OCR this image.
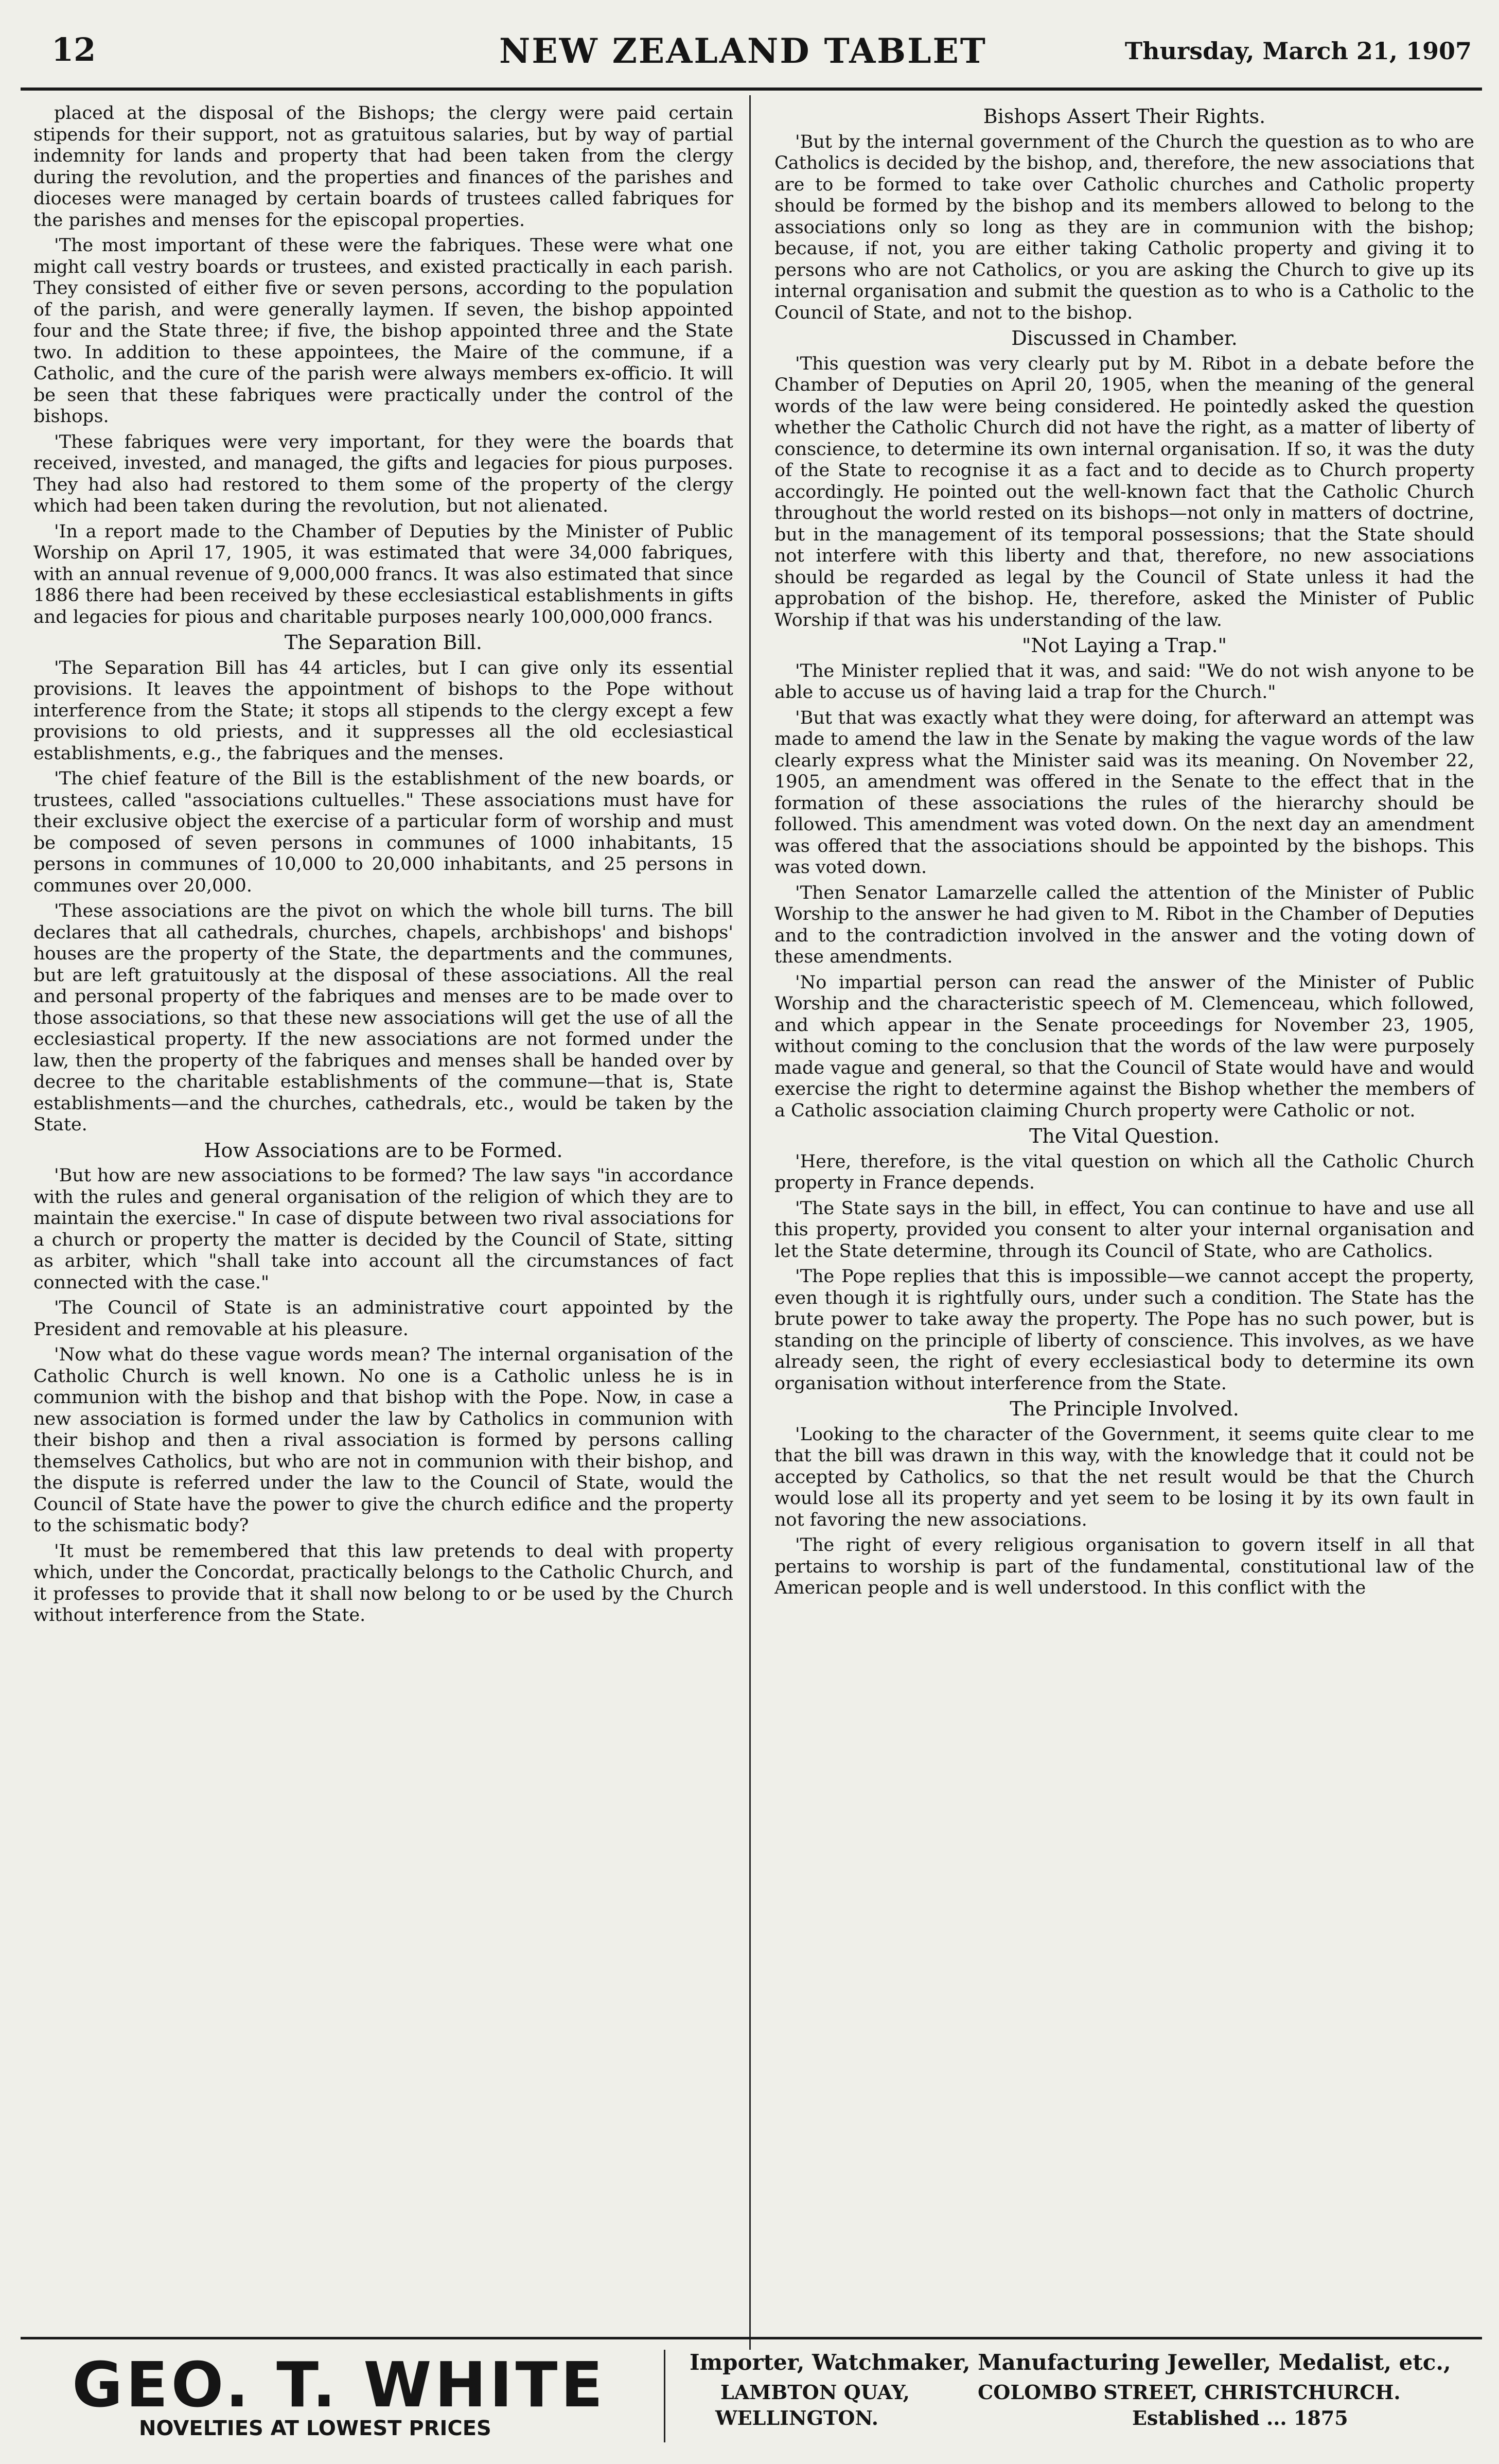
12	NEW ZEALAND TABLET	Thursday, March 21, 1907

placed at the disposal of the Bishops; the clergy were paid certain stipends for their support, not as gratuitous salaries, but by way of partial indemnity for lands and property that had been taken from the clergy during the revolution, and the properties and finances of the parishes and dioceses were managed by certain boards of trustees called fabriques for the parishes and menses for the episcopal properties.

'The most important of these were the fabriques. These were what one might call vestry boards or trustees, and existed practically in each parish. They consisted of either five or seven persons, according to the population of the parish, and were generally laymen. If seven, the bishop appointed four and the State three; if five, the bishop appointed three and the State two. In addition to these appointees, the Maire of the commune, if a Catholic, and the cure of the parish were always members ex-officio. It will be seen that these fabriques were practically under the control of the bishops.

'These fabriques were very important, for they were the boards that received, invested, and managed, the gifts and legacies for pious purposes. They had also had restored to them some of the property of the clergy which had been taken during the revolution, but not alienated.

'In a report made to the Chamber of Deputies by the Minister of Public Worship on April 17, 1905, it was estimated that were 34,000 fabriques, with an annual revenue of 9,000,000 francs. It was also estimated that since 1886 there had been received by these ecclesiastical establishments in gifts and legacies for pious and charitable purposes nearly 100,000,000 francs.

The Separation Bill.

'The Separation Bill has 44 articles, but I can give only its essential provisions. It leaves the appointment of bishops to the Pope without interference from the State; it stops all stipends to the clergy except a few provisions to old priests, and it suppresses all the old ecclesiastical establishments, e.g., the fabriques and the menses.

'The chief feature of the Bill is the establishment of the new boards, or trustees, called "associations cultuelles." These associations must have for their exclusive object the exercise of a particular form of worship and must be composed of seven persons in communes of 1000 inhabitants, 15 persons in communes of 10,000 to 20,000 inhabitants, and 25 persons in communes over 20,000.

'These associations are the pivot on which the whole bill turns. The bill declares that all cathedrals, churches, chapels, archbishops' and bishops' houses are the property of the State, the departments and the communes, but are left gratuitously at the disposal of these associations. All the real and personal property of the fabriques and menses are to be made over to those associations, so that these new associations will get the use of all the ecclesiastical property. If the new associations are not formed under the law, then the property of the fabriques and menses shall be handed over by decree to the charitable establishments of the commune—that is, State establishments—and the churches, cathedrals, etc., would be taken by the State.

How Associations are to be Formed.

'But how are new associations to be formed? The law says "in accordance with the rules and general organisation of the religion of which they are to maintain the exercise." In case of dispute between two rival associations for a church or property the matter is decided by the Council of State, sitting as arbiter, which "shall take into account all the circumstances of fact connected with the case."

'The Council of State is an administrative court appointed by the President and removable at his pleasure.

'Now what do these vague words mean? The internal organisation of the Catholic Church is well known. No one is a Catholic unless he is in communion with the bishop and that bishop with the Pope. Now, in case a new association is formed under the law by Catholics in communion with their bishop and then a rival association is formed by persons calling themselves Catholics, but who are not in communion with their bishop, and the dispute is referred under the law to the Council of State, would the Council of State have the power to give the church edifice and the property to the schismatic body?

'It must be remembered that this law pretends to deal with property which, under the Concordat, practically belongs to the Catholic Church, and it professes to provide that it shall now belong to or be used by the Church without interference from the State.

Bishops Assert Their Rights.

'But by the internal government of the Church the question as to who are Catholics is decided by the bishop, and, therefore, the new associations that are to be formed to take over Catholic churches and Catholic property should be formed by the bishop and its members allowed to belong to the associations only so long as they are in communion with the bishop; because, if not, you are either taking Catholic property and giving it to persons who are not Catholics, or you are asking the Church to give up its internal organisation and submit the question as to who is a Catholic to the Council of State, and not to the bishop.

Discussed in Chamber.

'This question was very clearly put by M. Ribot in a debate before the Chamber of Deputies on April 20, 1905, when the meaning of the general words of the law were being considered. He pointedly asked the question whether the Catholic Church did not have the right, as a matter of liberty of conscience, to determine its own internal organisation. If so, it was the duty of the State to recognise it as a fact and to decide as to Church property accordingly. He pointed out the well-known fact that the Catholic Church throughout the world rested on its bishops—not only in matters of doctrine, but in the management of its temporal possessions; that the State should not interfere with this liberty and that, therefore, no new associations should be regarded as legal by the Council of State unless it had the approbation of the bishop. He, therefore, asked the Minister of Public Worship if that was his understanding of the law.

"Not Laying a Trap."

'The Minister replied that it was, and said: "We do not wish anyone to be able to accuse us of having laid a trap for the Church."

'But that was exactly what they were doing, for afterward an attempt was made to amend the law in the Senate by making the vague words of the law clearly express what the Minister said was its meaning. On November 22, 1905, an amendment was offered in the Senate to the effect that in the formation of these associations the rules of the hierarchy should be followed. This amendment was voted down. On the next day an amendment was offered that the associations should be appointed by the bishops. This was voted down.

'Then Senator Lamarzelle called the attention of the Minister of Public Worship to the answer he had given to M. Ribot in the Chamber of Deputies and to the contradiction involved in the answer and the voting down of these amendments.

'No impartial person can read the answer of the Minister of Public Worship and the characteristic speech of M. Clemenceau, which followed, and which appear in the Senate proceedings for November 23, 1905, without coming to the conclusion that the words of the law were purposely made vague and general, so that the Council of State would have and would exercise the right to determine against the Bishop whether the members of a Catholic association claiming Church property were Catholic or not.

The Vital Question.

'Here, therefore, is the vital question on which all the Catholic Church property in France depends.

'The State says in the bill, in effect, You can continue to have and use all this property, provided you consent to alter your internal organisation and let the State determine, through its Council of State, who are Catholics.

'The Pope replies that this is impossible—we cannot accept the property, even though it is rightfully ours, under such a condition. The State has the brute power to take away the property. The Pope has no such power, but is standing on the principle of liberty of conscience. This involves, as we have already seen, the right of every ecclesiastical body to determine its own organisation without interference from the State.

The Principle Involved.

'Looking to the character of the Government, it seems quite clear to me that the bill was drawn in this way, with the knowledge that it could not be accepted by Catholics, so that the net result would be that the Church would lose all its property and yet seem to be losing it by its own fault in not favoring the new associations.

'The right of every religious organisation to govern itself in all that pertains to worship is part of the fundamental, constitutional law of the American people and is well understood. In this conflict with the

GEO. T. WHITE
NOVELTIES AT LOWEST PRICES
Importer, Watchmaker, Manufacturing Jeweller, Medalist, etc.,
LAMBTON QUAY,	COLOMBO STREET, CHRISTCHURCH.
WELLINGTON.	Established ... 1875
